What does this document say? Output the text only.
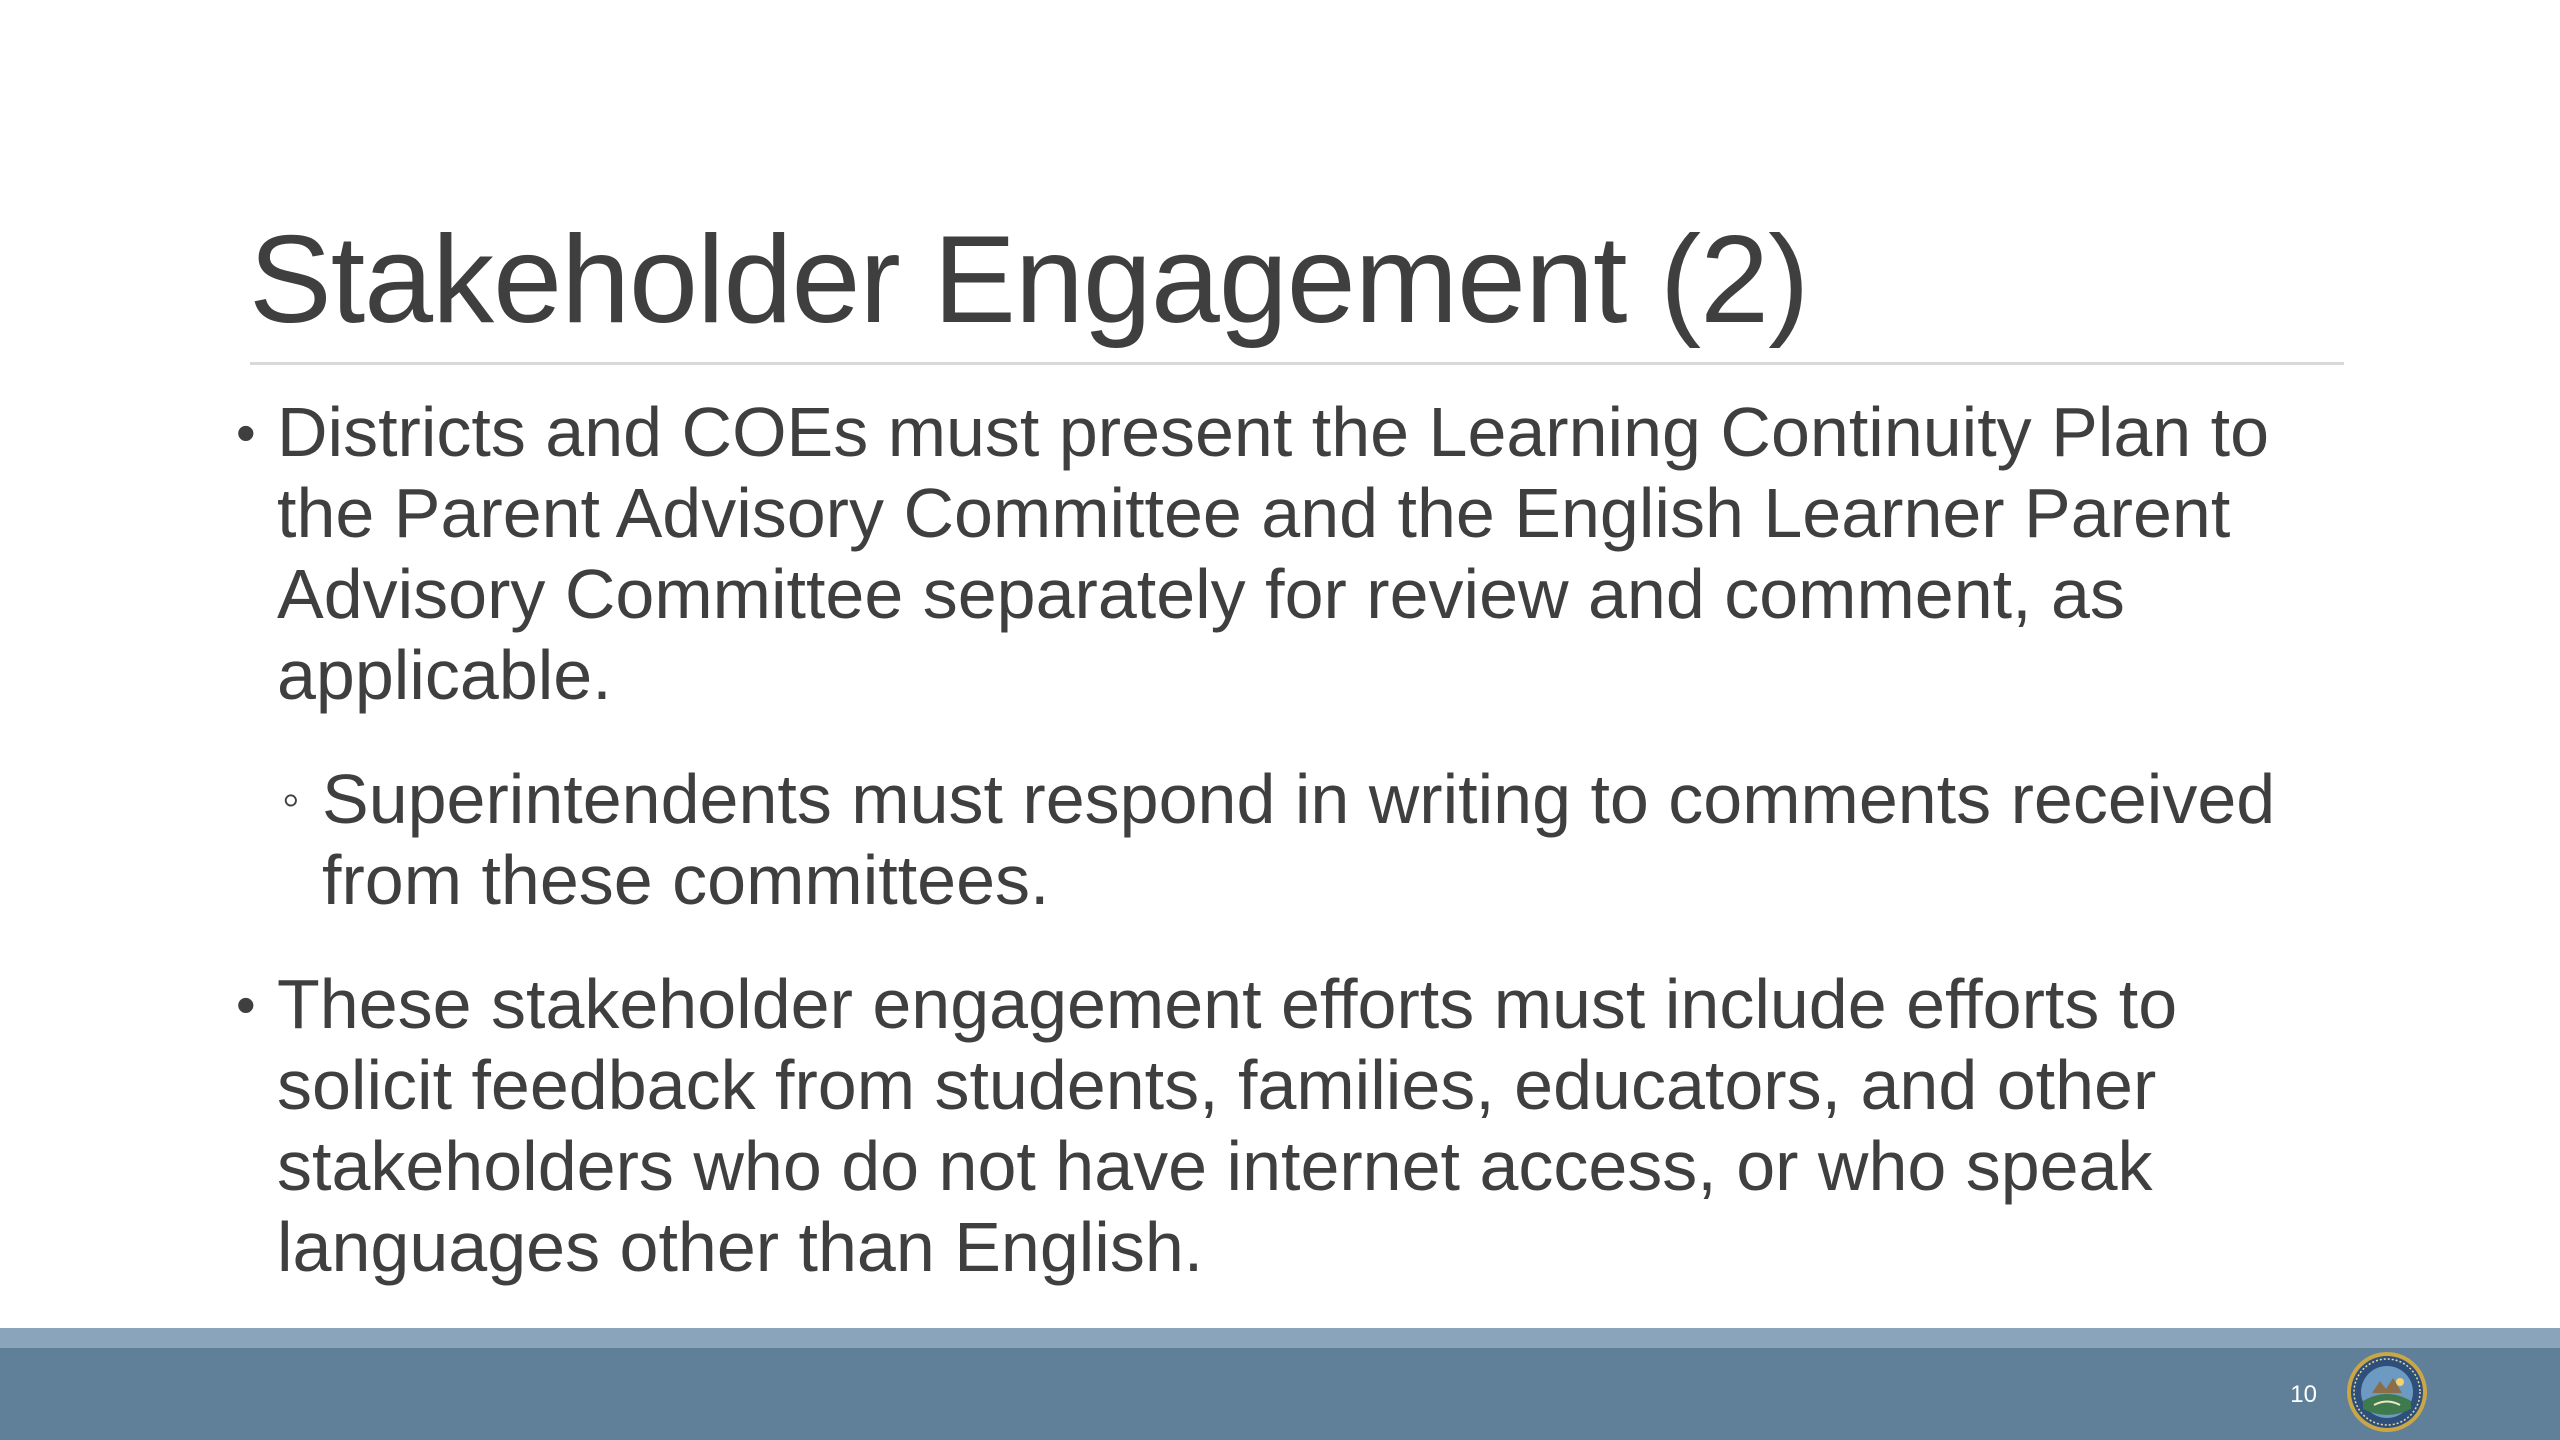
Stakeholder Engagement (2)
• Districts and COEs must present the Learning Continuity Plan to the Parent Advisory Committee and the English Learner Parent Advisory Committee separately for review and comment, as applicable.
◦ Superintendents must respond in writing to comments received from these committees.
• These stakeholder engagement efforts must include efforts to solicit feedback from students, families, educators, and other stakeholders who do not have internet access, or who speak languages other than English.
10
